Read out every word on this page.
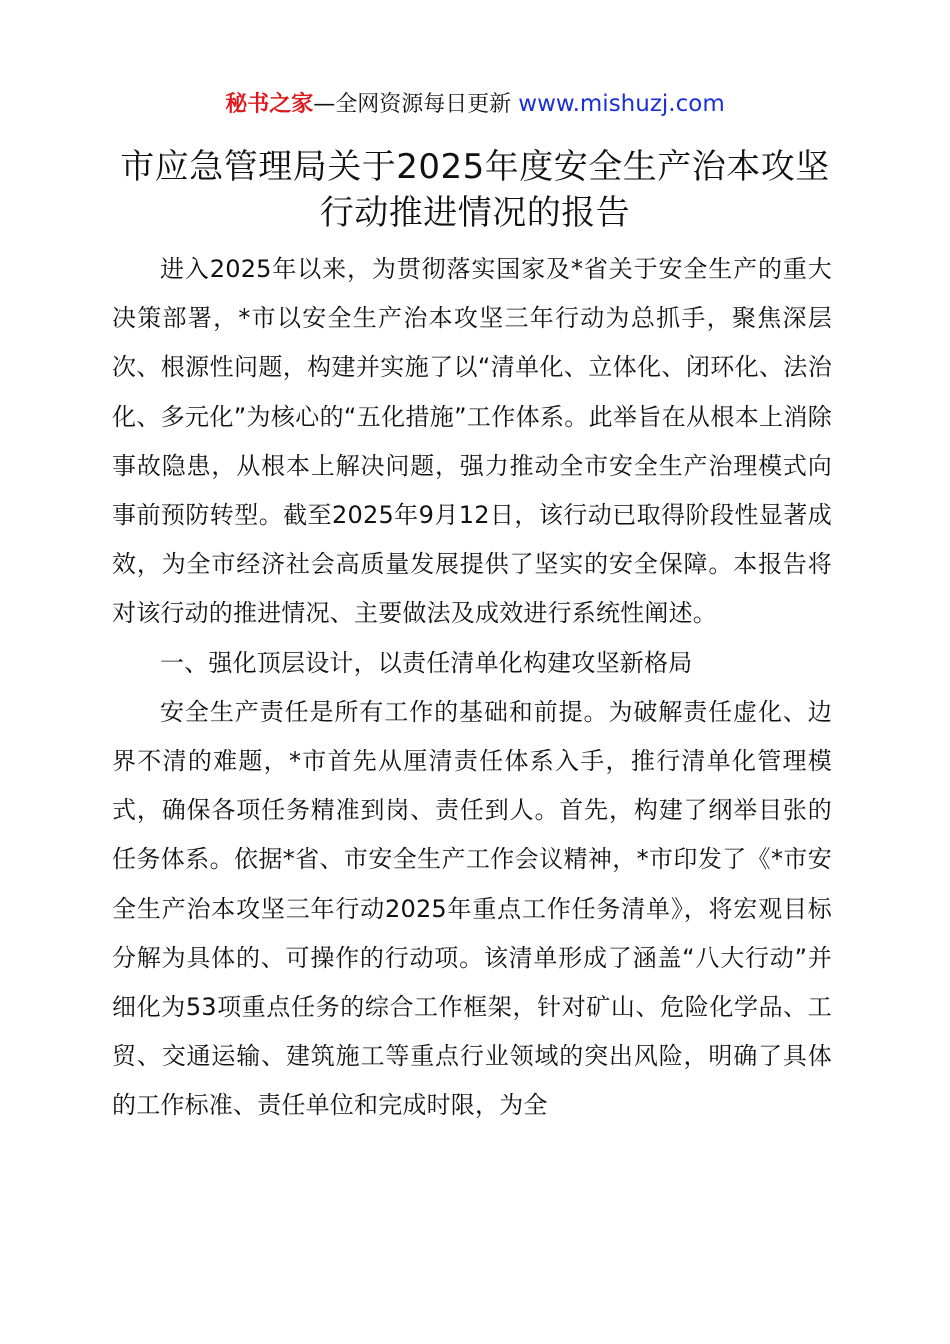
秘书之家—全网资源每日更新 www.mishuzj.com
市应急管理局关于2025年度安全生产治本攻坚行动推进情况的报告

进入2025年以来，为贯彻落实国家及*省关于安全生产的重大决策部署，*市以安全生产治本攻坚三年行动为总抓手，聚焦深层次、根源性问题，构建并实施了以“清单化、立体化、闭环化、法治化、多元化”为核心的“五化措施”工作体系。此举旨在从根本上消除事故隐患，从根本上解决问题，强力推动全市安全生产治理模式向事前预防转型。截至2025年9月12日，该行动已取得阶段性显著成效，为全市经济社会高质量发展提供了坚实的安全保障。本报告将对该行动的推进情况、主要做法及成效进行系统性阐述。

一、强化顶层设计，以责任清单化构建攻坚新格局

安全生产责任是所有工作的基础和前提。为破解责任虚化、边界不清的难题，*市首先从厘清责任体系入手，推行清单化管理模式，确保各项任务精准到岗、责任到人。首先，构建了纲举目张的任务体系。依据*省、市安全生产工作会议精神，*市印发了《*市安全生产治本攻坚三年行动2025年重点工作任务清单》，将宏观目标分解为具体的、可操作的行动项。该清单形成了涵盖“八大行动”并细化为53项重点任务的综合工作框架，针对矿山、危险化学品、工贸、交通运输、建筑施工等重点行业领域的突出风险，明确了具体的工作标准、责任单位和完成时限，为全
